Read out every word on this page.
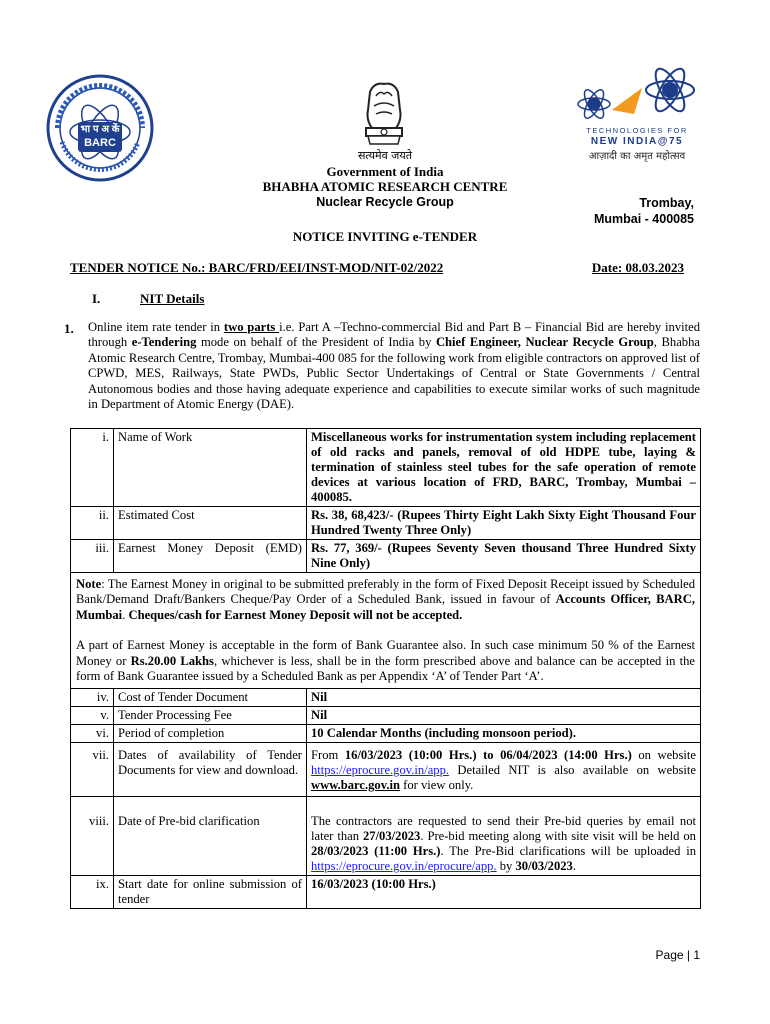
भा प अ कें
BARC
सत्यमेव जयते
TECHNOLOGIES FOR
NEW INDIA@75
आज़ादी का अमृत महोत्सव
Government of India
BHABHA ATOMIC RESEARCH CENTRE
Nuclear Recycle Group	Trombay,
Mumbai - 400085
NOTICE INVITING e-TENDER
TENDER NOTICE No.: BARC/FRD/EEI/INST-MOD/NIT-02/2022	Date: 08.03.2023
I.	NIT Details
1. Online item rate tender in two parts i.e. Part A –Techno-commercial Bid and Part B – Financial Bid are hereby invited through e-Tendering mode on behalf of the President of India by Chief Engineer, Nuclear Recycle Group, Bhabha Atomic Research Centre, Trombay, Mumbai-400 085 for the following work from eligible contractors on approved list of CPWD, MES, Railways, State PWDs, Public Sector Undertakings of Central or State Governments / Central Autonomous bodies and those having adequate experience and capabilities to execute similar works of such magnitude in Department of Atomic Energy (DAE).
i.	Name of Work	Miscellaneous works for instrumentation system including replacement of old racks and panels, removal of old HDPE tube, laying & termination of stainless steel tubes for the safe operation of remote devices at various location of FRD, BARC, Trombay, Mumbai – 400085.
ii.	Estimated Cost	Rs. 38, 68,423/- (Rupees Thirty Eight Lakh Sixty Eight Thousand Four Hundred Twenty Three Only)
iii.	Earnest Money Deposit (EMD)	Rs. 77, 369/- (Rupees Seventy Seven thousand Three Hundred Sixty Nine Only)

Note: The Earnest Money in original to be submitted preferably in the form of Fixed Deposit Receipt issued by Scheduled Bank/Demand Draft/Bankers Cheque/Pay Order of a Scheduled Bank, issued in favour of Accounts Officer, BARC, Mumbai. Cheques/cash for Earnest Money Deposit will not be accepted.
A part of Earnest Money is acceptable in the form of Bank Guarantee also. In such case minimum 50 % of the Earnest Money or Rs.20.00 Lakhs, whichever is less, shall be in the form prescribed above and balance can be accepted in the form of Bank Guarantee issued by a Scheduled Bank as per Appendix ‘A’ of Tender Part ‘A’.		

iv.	Cost of Tender Document	Nil
v.	Tender Processing Fee	Nil
vi.	Period of completion	10 Calendar Months (including monsoon period).
vii.	Dates of availability of Tender Documents for view and download.	From 16/03/2023 (10:00 Hrs.) to 06/04/2023 (14:00 Hrs.) on website https://eprocure.gov.in/app. Detailed NIT is also available on website www.barc.gov.in for view only.
viii.	Date of Pre-bid clarification	The contractors are requested to send their Pre-bid queries by email not later than 27/03/2023. Pre-bid meeting along with site visit will be held on 28/03/2023 (11:00 Hrs.). The Pre-Bid clarifications will be uploaded in https://eprocure.gov.in/eprocure/app. by 30/03/2023.
ix.	Start date for online submission of tender	16/03/2023 (10:00 Hrs.)
Page | 1
